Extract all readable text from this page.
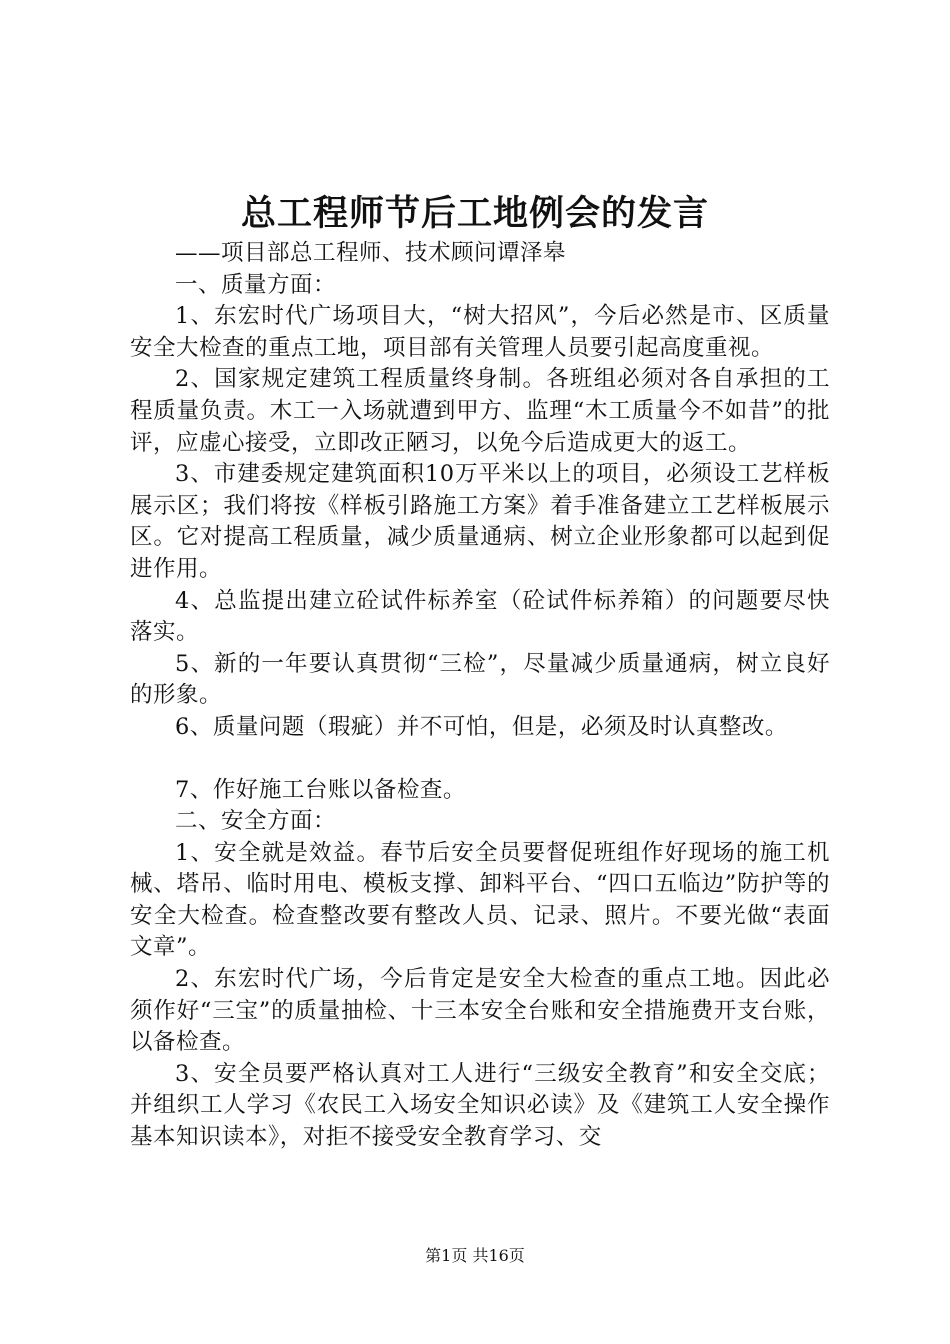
总工程师节后工地例会的发言

——项目部总工程师、技术顾问谭泽皋

一、质量方面：

1、东宏时代广场项目大，“树大招风”，今后必然是市、区质量安全大检查的重点工地，项目部有关管理人员要引起高度重视。

2、国家规定建筑工程质量终身制。各班组必须对各自承担的工程质量负责。木工一入场就遭到甲方、监理“木工质量今不如昔”的批评，应虚心接受，立即改正陋习，以免今后造成更大的返工。

3、市建委规定建筑面积10万平米以上的项目，必须设工艺样板展示区；我们将按《样板引路施工方案》着手准备建立工艺样板展示区。它对提高工程质量，减少质量通病、树立企业形象都可以起到促进作用。

4、总监提出建立砼试件标养室（砼试件标养箱）的问题要尽快落实。

5、新的一年要认真贯彻“三检”，尽量减少质量通病，树立良好的形象。

6、质量问题（瑕疵）并不可怕，但是，必须及时认真整改。

7、作好施工台账以备检查。

二、安全方面：

1、安全就是效益。春节后安全员要督促班组作好现场的施工机械、塔吊、临时用电、模板支撑、卸料平台、“四口五临边”防护等的安全大检查。检查整改要有整改人员、记录、照片。不要光做“表面文章”。

2、东宏时代广场，今后肯定是安全大检查的重点工地。因此必须作好“三宝”的质量抽检、十三本安全台账和安全措施费开支台账，以备检查。

3、安全员要严格认真对工人进行“三级安全教育”和安全交底；并组织工人学习《农民工入场安全知识必读》及《建筑工人安全操作基本知识读本》，对拒不接受安全教育学习、交

第1页 共16页
